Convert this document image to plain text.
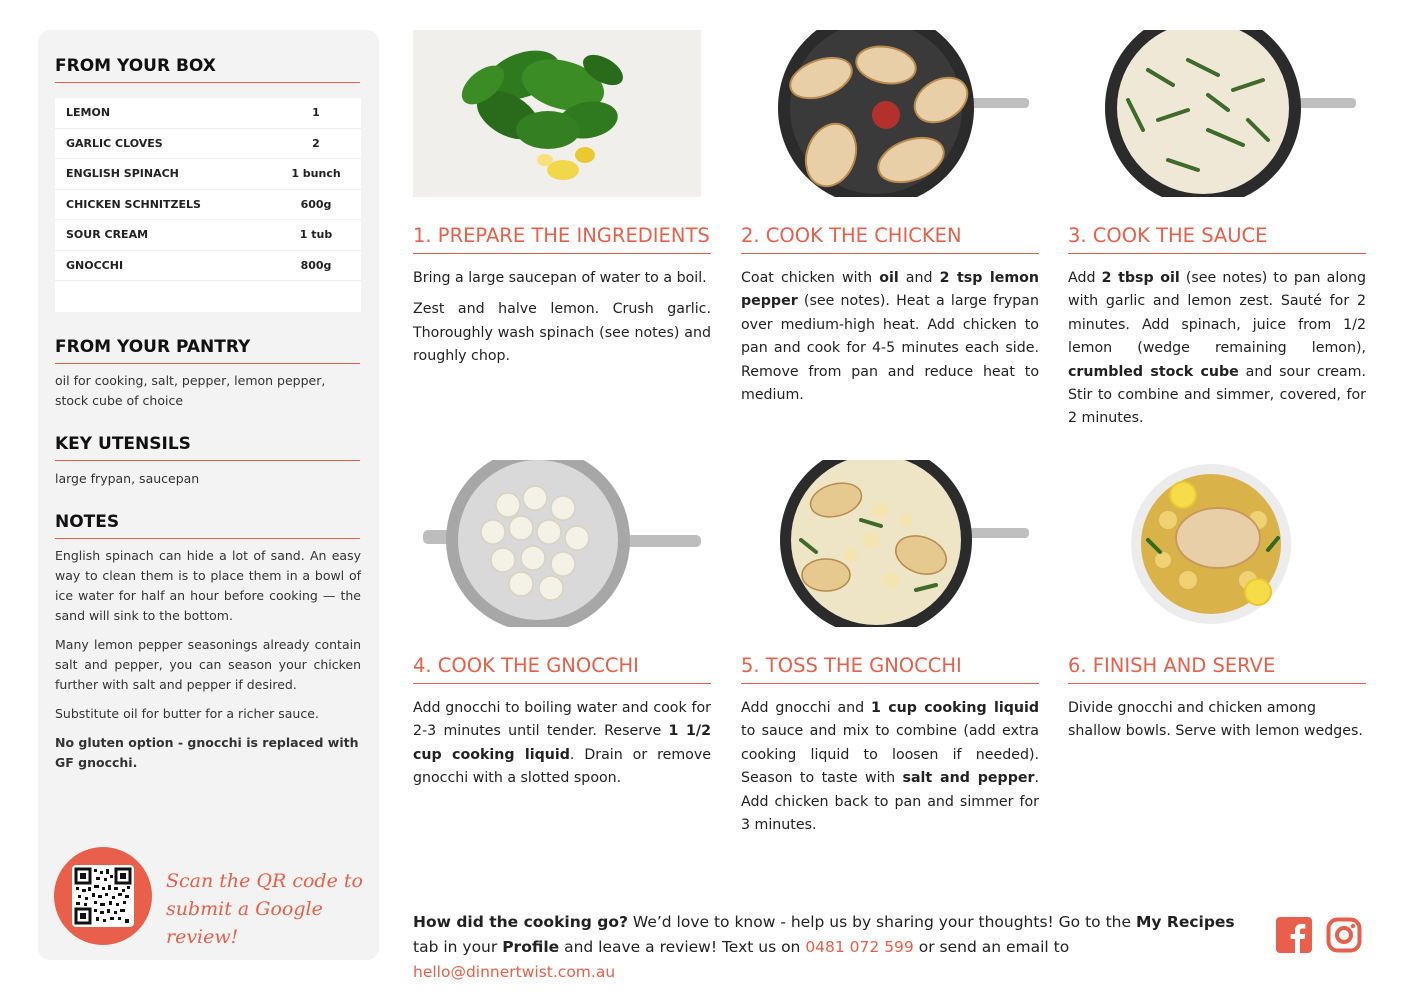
FROM YOUR BOX
LEMON	1
GARLIC CLOVES	2
ENGLISH SPINACH	1 bunch
CHICKEN SCHNITZELS	600g
SOUR CREAM	1 tub
GNOCCHI	800g
FROM YOUR PANTRY
oil for cooking, salt, pepper, lemon pepper, stock cube of choice
KEY UTENSILS
large frypan, saucepan
NOTES

English spinach can hide a lot of sand. An easy way to clean them is to place them in a bowl of ice water for half an hour before cooking — the sand will sink to the bottom.

Many lemon pepper seasonings already contain salt and pepper, you can season your chicken further with salt and pepper if desired.

Substitute oil for butter for a richer sauce.

No gluten option - gnocchi is replaced with GF gnocchi.

Scan the QR code to
submit a Google review!
1. PREPARE THE INGREDIENTS 2. COOK THE CHICKEN	3. COOK THE SAUCE
4. COOK THE GNOCCHI	5. TOSS THE GNOCCHI	6. FINISH AND SERVE

Bring a large saucepan of water to a boil.

Zest and halve lemon. Crush garlic. Thoroughly wash spinach (see notes) and roughly chop.

Coat chicken with oil and 2 tsp lemon pepper (see notes). Heat a large frypan over medium-high heat. Add chicken to pan and cook for 4-5 minutes each side. Remove from pan and reduce heat to medium.
Add 2 tbsp oil (see notes) to pan along with garlic and lemon zest. Sauté for 2 minutes. Add spinach, juice from 1/2 lemon (wedge remaining lemon), crumbled stock cube and sour cream. Stir to combine and simmer, covered, for 2 minutes.
Add gnocchi to boiling water and cook for 2-3 minutes until tender. Reserve 1 1/2 cup cooking liquid. Drain or remove gnocchi with a slotted spoon.
Add gnocchi and 1 cup cooking liquid to sauce and mix to combine (add extra cooking liquid to loosen if needed). Season to taste with salt and pepper. Add chicken back to pan and simmer for 3 minutes.
Divide gnocchi and chicken among shallow bowls. Serve with lemon wedges.
How did the cooking go? We’d love to know - help us by sharing your thoughts! Go to the My Recipes tab in your Profile and leave a review! Text us on 0481 072 599 or send an email to hello@dinnertwist.com.au
